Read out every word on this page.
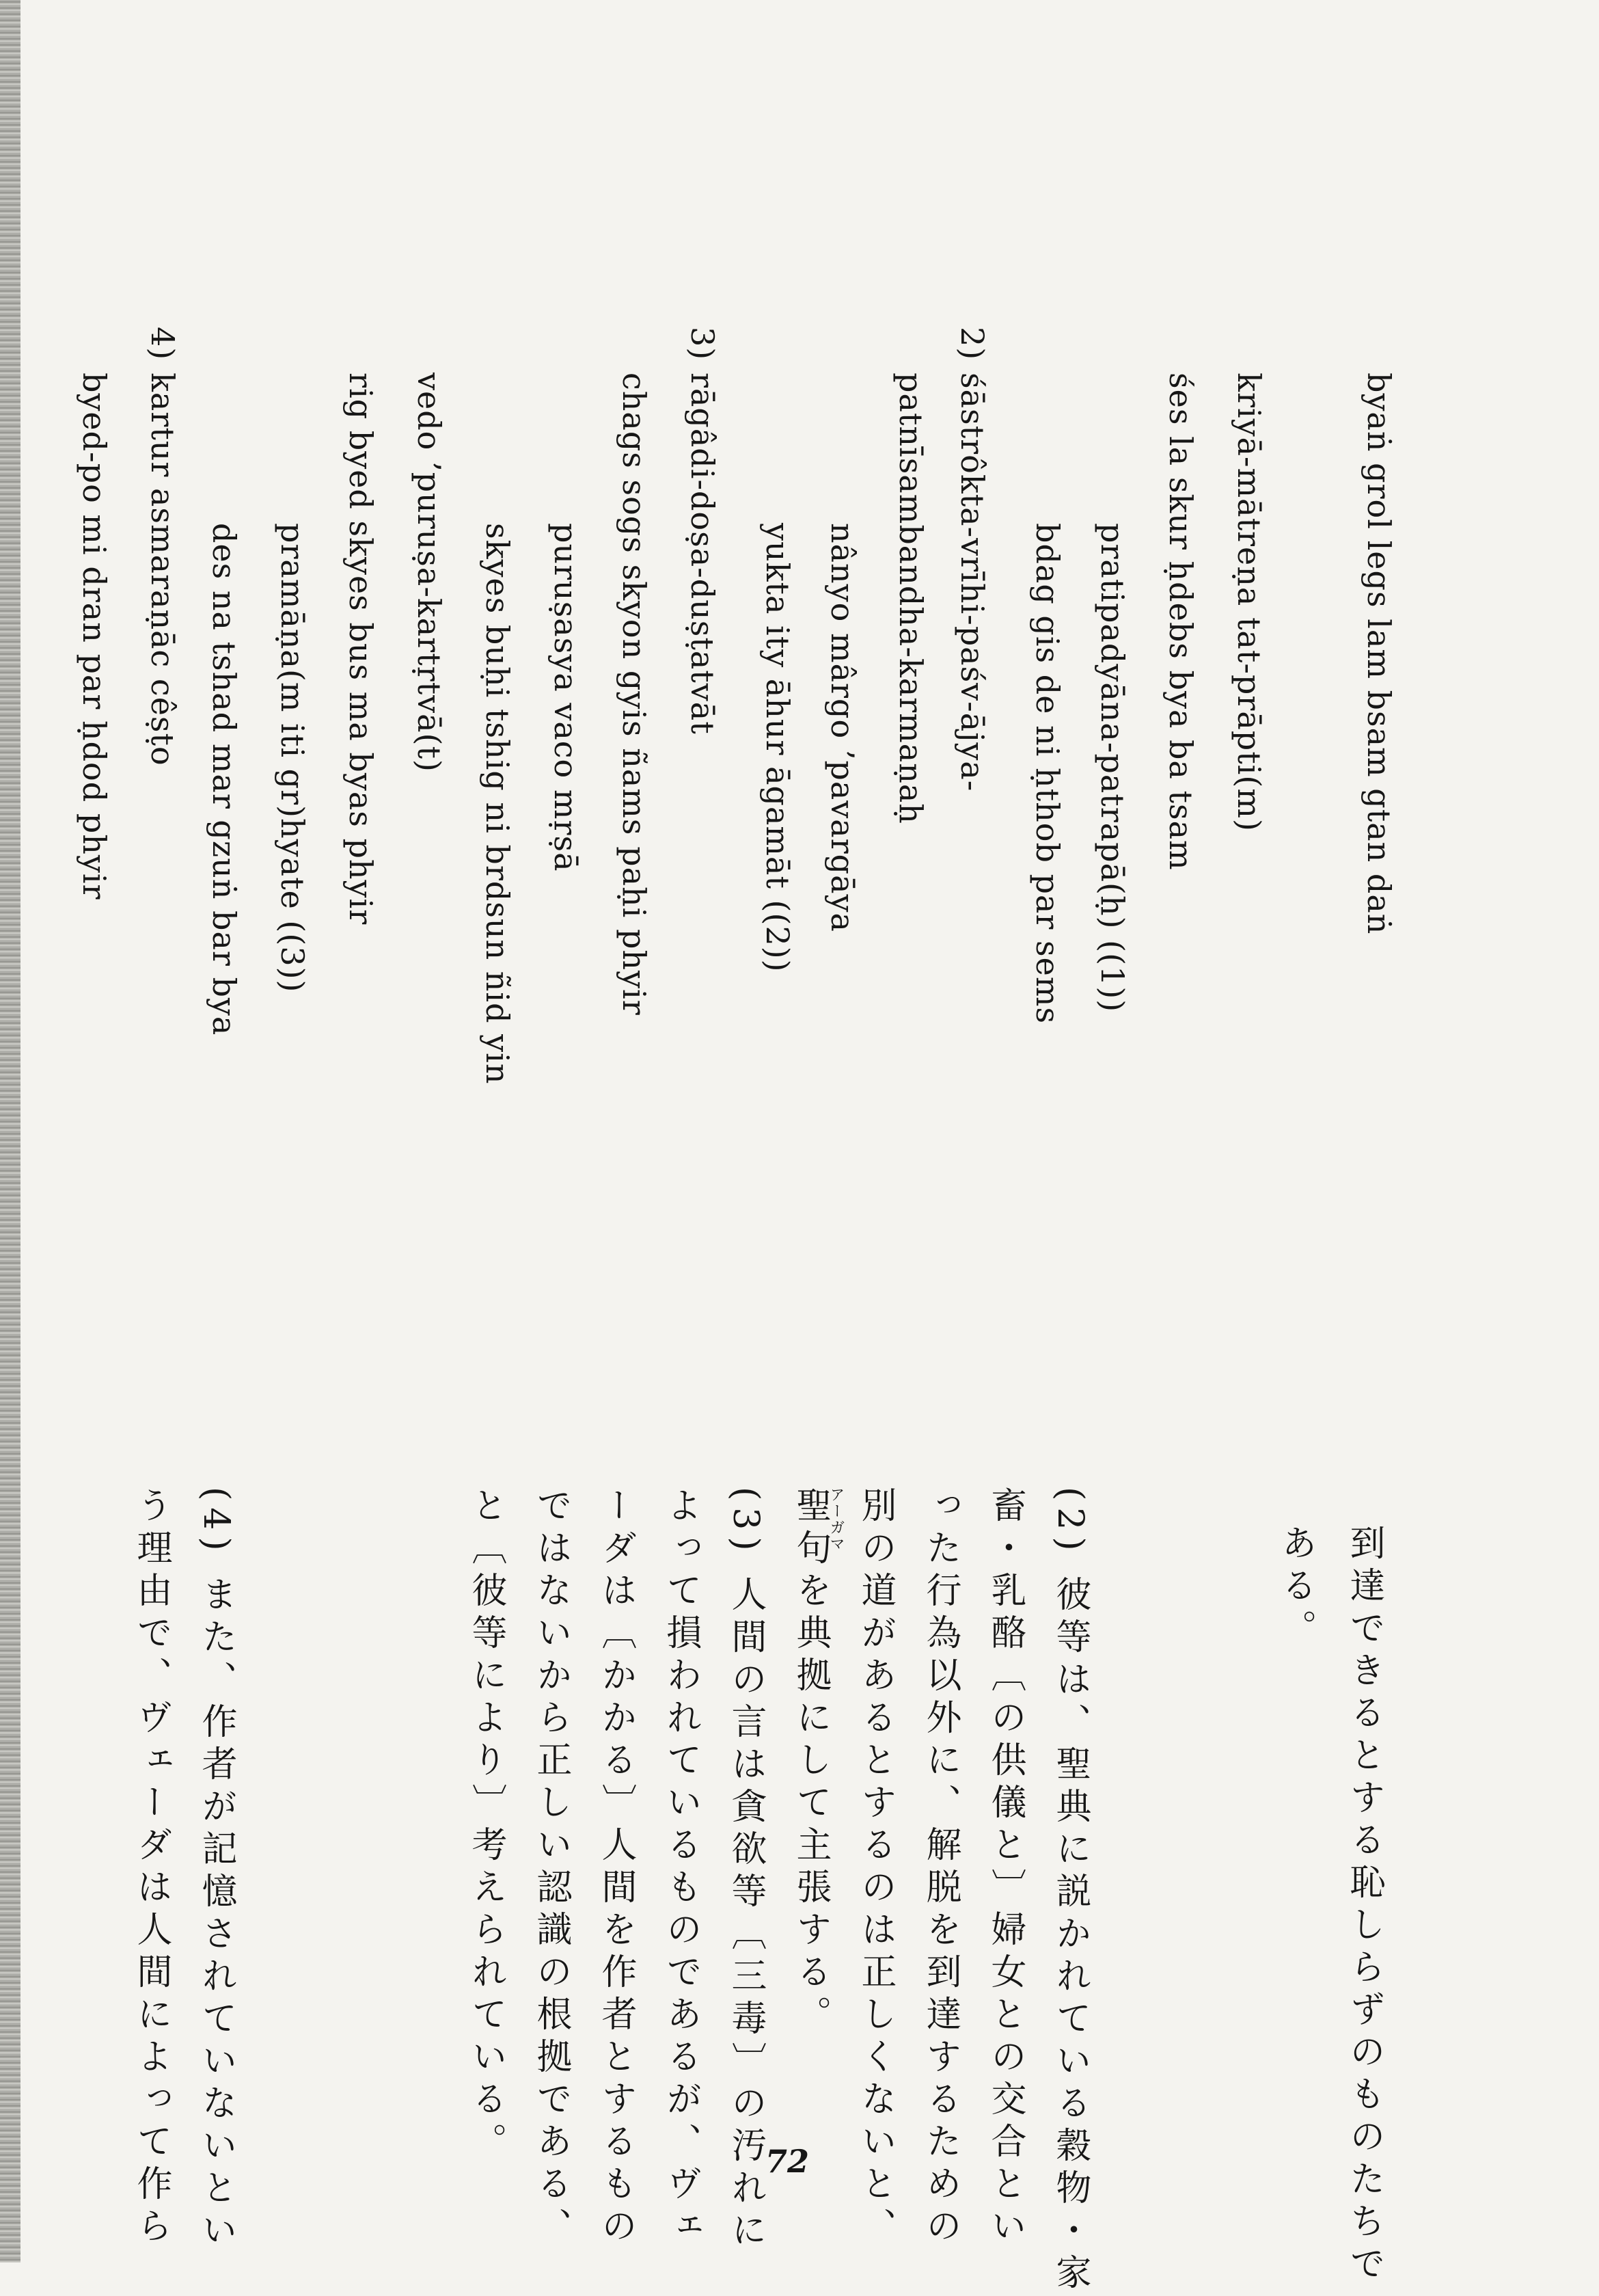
byaṅ grol legs lam bsam gtan daṅ
kriyā-mātreṇa tat-prāpti(m)
śes la skur ḥdebs bya ba tsam
pratipadyāna-patrapā(ḥ) ((1))
bdag gis de ni ḥthob par sems
2)
śāstrôkta-vrīhi-paśv-ājya-
patnīsambandha-karmaṇaḥ
nânyo mârgo ’pavargāya
yukta ity āhur āgamāt ((2))
3)
rāgâdi-doṣa-duṣṭatvāt
chags sogs skyon gyis ñams paḥi phyir
puruṣasya vaco mṛṣā
skyes buḥi tshig ni brdsun ñid yin
vedo ’puruṣa-kartṛtvā(t)
rig byed skyes bus ma byas phyir
pramāṇa(m iti gr)hyate ((3))
des na tshad mar gzuṅ bar bya
4)
kartur asmaraṇāc cêṣṭo
byed-po mi dran par ḥdod phyir
到達できるとする恥しらずのものたちで
ある。
(2) 彼等は、聖典に説かれている穀物・家
畜・乳酪〔の供儀と〕婦女との交合とい
った行為以外に、解脱を到達するための
別の道があるとするのは正しくないと、
アーガマ
聖句を典拠にして主張する。
(3) 人間の言は貪欲等〔三毒〕の汚れに
よって損われているものであるが、ヴェ
ーダは〔かかる〕人間を作者とするもの
ではないから正しい認識の根拠である、
と〔彼等により〕考えられている。
(4) また、作者が記憶されていないとい
う理由で、ヴェーダは人間によって作ら	72
